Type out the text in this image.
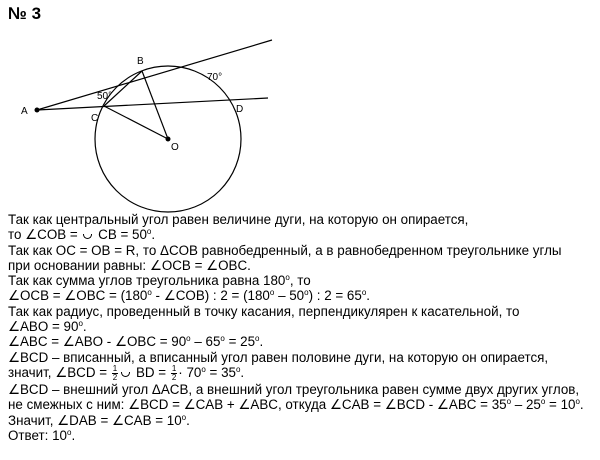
№ 3
A
B
C
D
O
70°
50°
Так как центральный угол равен величине дуги, на которую он опирается,
то ∠COB =  CB = $50^o$.
Так как OC = OB = R, то ΔCOB равнобедренный, а в равнобедренном треугольнике углы
при основании равны: ∠OCB = ∠OBC.
Так как сумма углов треугольника равна 180$^o$, то
∠OCB = ∠OBC = ($180^o$ - ∠COB) : $2 = (180^o - 50^o)$ : $2 = 65^o$.
Так как радиус, проведенный в точку касания, перпендикулярен к касательной, то
∠ABO = $90^o$.
∠ABC = ∠ABO - ∠OBC = $90^o - 65^o = 25^o$.
∠BCD – вписанный, а вписанный угол равен половине дуги, на которую он опирается,
значит, ∠BCD = $\frac{1}{2}$ BD = $\frac{1}{2} \cdot 70^o = 35^o$.
∠BCD – внешний угол ΔACB, а внешний угол треугольника равен сумме двух других углов,
не смежных с ним: ∠BCD = ∠CAB + ∠ABC, откуда ∠CAB = ∠BCD - ∠ABC = $35^o - 25^o = 10^o$.
Значит, ∠DAB = ∠CAB = $10^o$.
Ответ: 10$^o$.
